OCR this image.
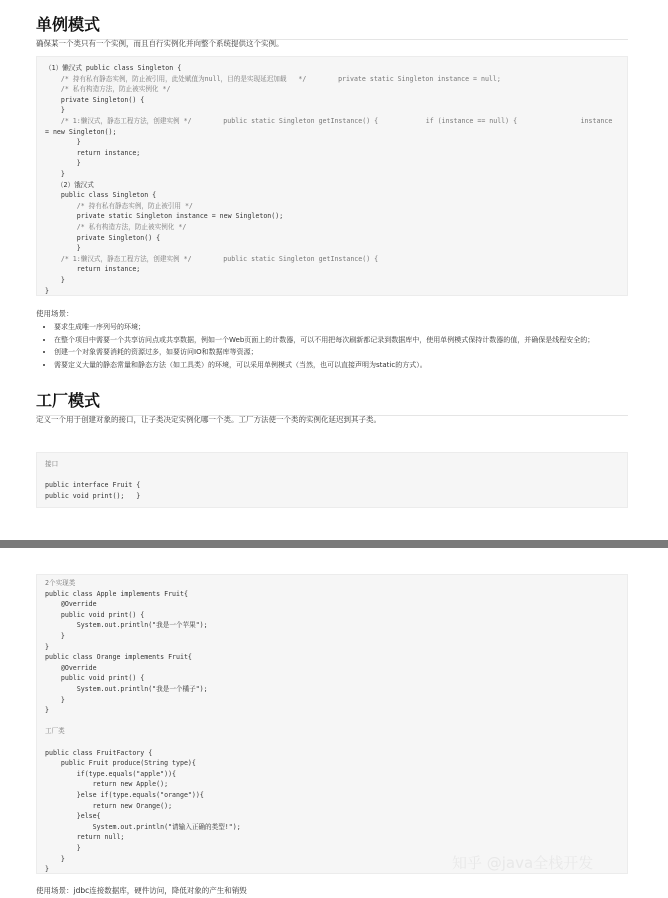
单例模式
确保某一个类只有一个实例，而且自行实例化并向整个系统提供这个实例。
（1）懒汉式 public class Singleton {
/* 持有私有静态实例，防止被引用，此处赋值为null，目的是实现延迟加载   */        private static Singleton instance = null;
/* 私有构造方法，防止被实例化 */
private Singleton() {
}
/* 1:懒汉式，静态工程方法，创建实例 */        public static Singleton getInstance() {            if (instance == null) {                instance
= new Singleton();
}
return instance;
}
}
（2）饿汉式
public class Singleton {
/* 持有私有静态实例，防止被引用 */
private static Singleton instance = new Singleton();
/* 私有构造方法，防止被实例化 */
private Singleton() {
}
/* 1:懒汉式，静态工程方法，创建实例 */        public static Singleton getInstance() {
return instance;
}
}
使用场景：
• 要求生成唯一序列号的环境；
• 在整个项目中需要一个共享访问点或共享数据，例如一个Web页面上的计数器，可以不用把每次刷新都记录到数据库中，使用单例模式保持计数器的值，并确保是线程安全的；
• 创建一个对象需要消耗的资源过多，如要访问IO和数据库等资源；
• 需要定义大量的静态常量和静态方法（如工具类）的环境，可以采用单例模式（当然，也可以直接声明为static的方式）。
工厂模式
定义一个用于创建对象的接口，让子类决定实例化哪一个类。工厂方法使一个类的实例化延迟到其子类。
接口
public interface Fruit {
public void print();   }
2个实现类
public class Apple implements Fruit{
@Override
public void print() {
System.out.println("我是一个苹果");
}
}
public class Orange implements Fruit{
@Override
public void print() {
System.out.println("我是一个橘子");
}
}
工厂类
public class FruitFactory {
public Fruit produce(String type){
if(type.equals("apple")){
return new Apple();
}else if(type.equals("orange")){
return new Orange();
}else{
System.out.println("请输入正确的类型!");
return null;
}
}
}
使用场景：jdbc连接数据库，硬件访问，降低对象的产生和销毁
知乎 @java全栈开发
